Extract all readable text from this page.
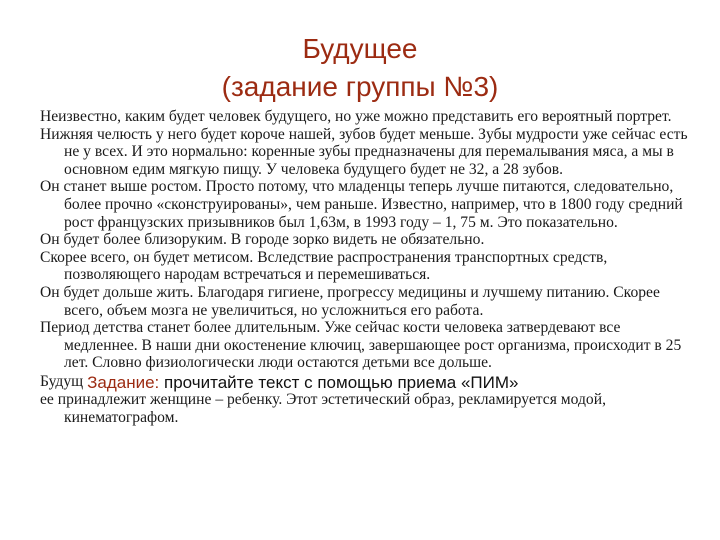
Будущее
(задание группы №3)

Неизвестно, каким будет человек будущего, но уже можно представить его вероятный портрет.

Нижняя челюсть у него будет короче нашей, зубов будет меньше. Зубы мудрости уже сейчас есть не у всех. И это нормально: коренные зубы предназначены для перемалывания мяса, а мы в основном едим мягкую пищу. У человека будущего будет не 32, а 28 зубов.

Он станет выше ростом. Просто потому, что младенцы теперь лучше питаются, следовательно, более прочно «сконструированы», чем раньше. Известно, например, что в 1800 году средний рост французских призывников был 1,63м, в 1993 году – 1, 75 м. Это показательно.

Он будет более близоруким. В городе зорко видеть не обязательно.

Скорее всего, он будет метисом. Вследствие распространения транспортных средств, позволяющего народам встречаться и перемешиваться.

Он будет дольше жить. Благодаря гигиене, прогрессу медицины и лучшему питанию. Скорее всего, объем мозга не увеличиться, но усложниться его работа.

Период детства станет более длительным. Уже сейчас кости человека затвердевают все медленнее. В наши дни окостенение ключиц, завершающее рост организма, происходит в 25 лет. Словно физиологически люди остаются детьми все дольше.

Будущ Задание: прочитайте текст с помощью приема «ПИМ»

ее принадлежит женщине – ребенку. Этот эстетический образ, рекламируется модой, кинематографом.
